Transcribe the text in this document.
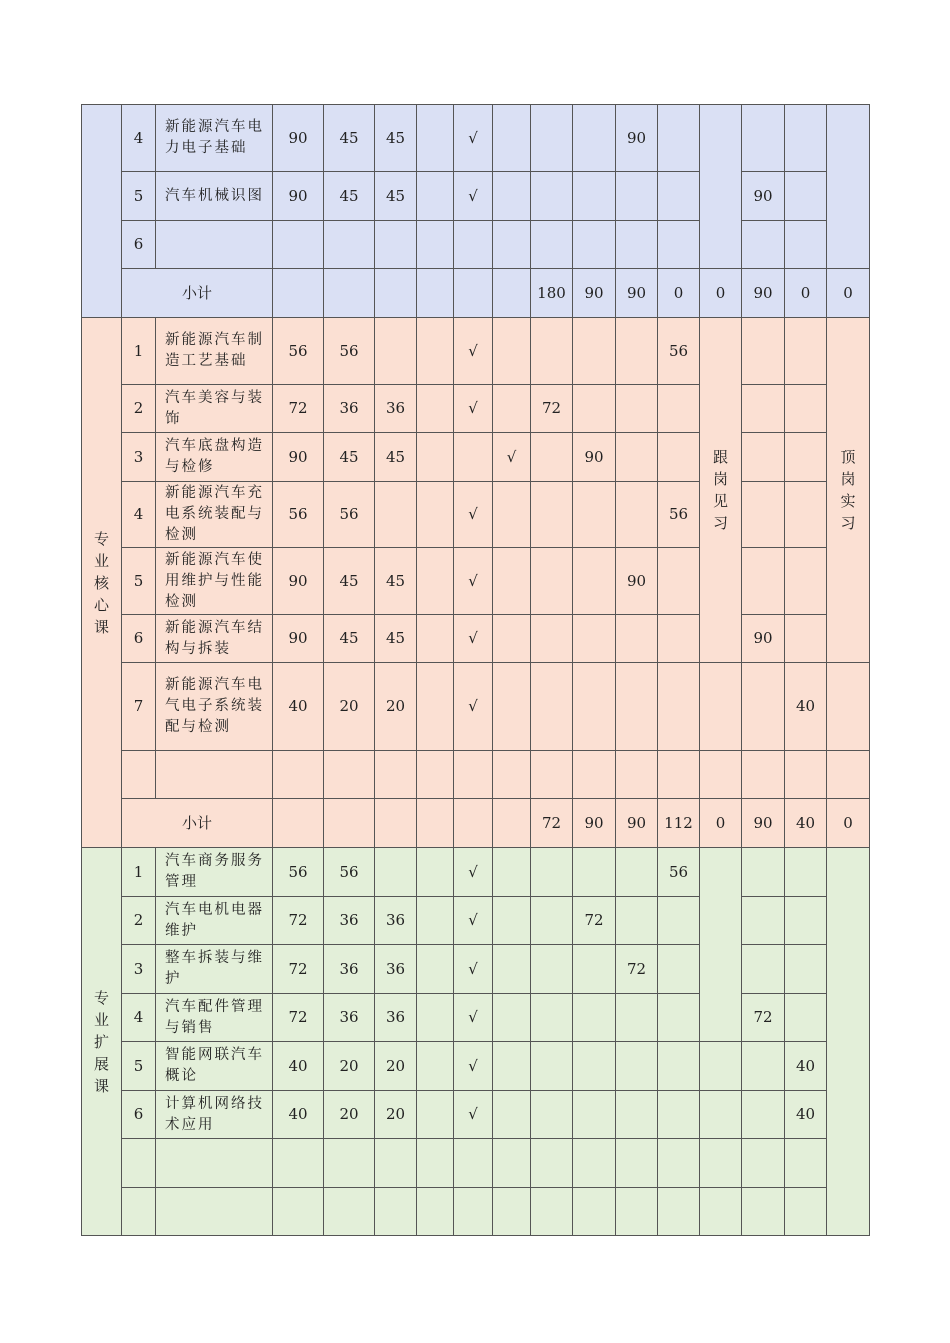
	4	新能源汽车电力电子基础	90	45	45		√				90					
	5	汽车机械识图	90	45	45		√							90		
	6															
	小计								180	90	90	0	0	90	0	0
专业核心课	1	新能源汽车制造工艺基础	56	56			√					56	跟岗见习			顶岗实习
	2	汽车美容与装饰	72	36	36		√		72							
	3	汽车底盘构造与检修	90	45	45			√		90						
	4	新能源汽车充电系统装配与检测	56	56			√					56				
	5	新能源汽车使用维护与性能检测	90	45	45		√				90					
	6	新能源汽车结构与拆装	90	45	45		√							90		
	7	新能源汽车电气电子系统装配与检测	40	20	20		√								40	

	小计								72	90	90	112	0	90	40	0
专业扩展课	1	汽车商务服务管理	56	56			√					56				
	2	汽车电机电器维护	72	36	36		√			72						
	3	整车拆装与维护	72	36	36		√				72					
	4	汽车配件管理与销售	72	36	36		√							72		
	5	智能网联汽车概论	40	20	20		√								40	
	6	计算机网络技术应用	40	20	20		√								40	
